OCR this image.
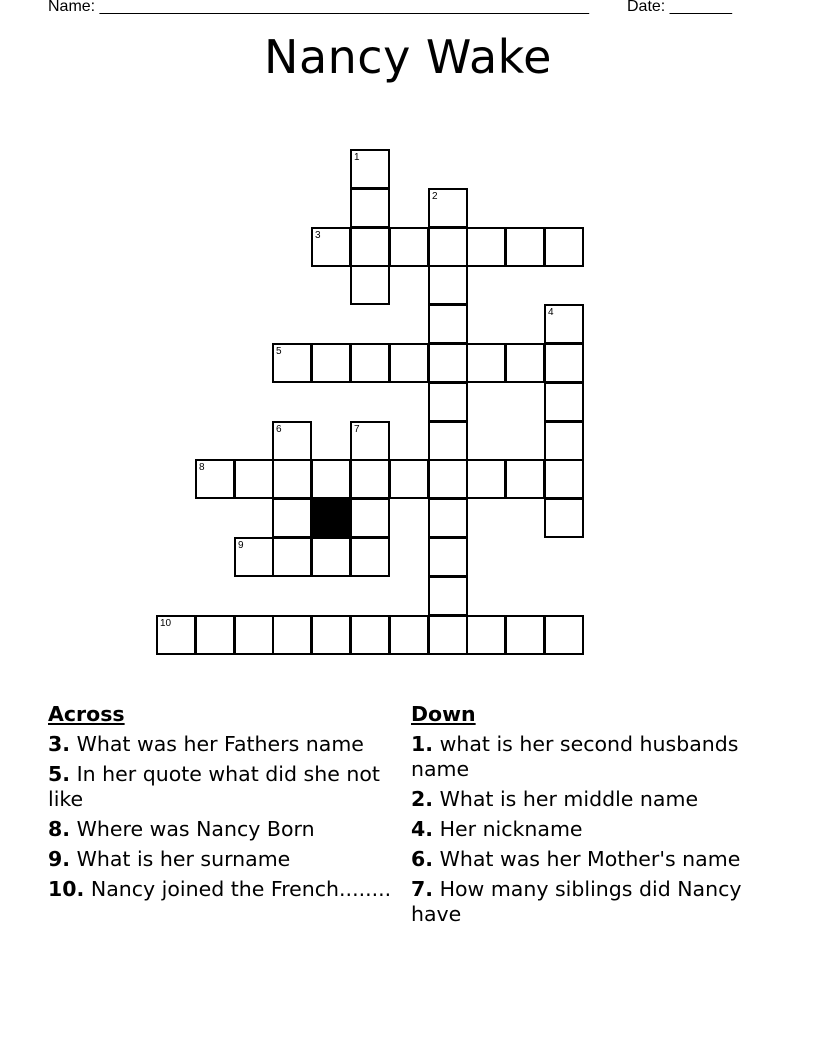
Name: _______________________________________________________ Date: _______
Nancy Wake
1
2
3
4
5
6	7
8
9
10
Across
3. What was her Fathers name
5. In her quote what did she not like
8. Where was Nancy Born
9. What is her surname
10. Nancy joined the French........
Down
1. what is her second husbands name
2. What is her middle name
4. Her nickname
6. What was her Mother's name
7. How many siblings did Nancy have
